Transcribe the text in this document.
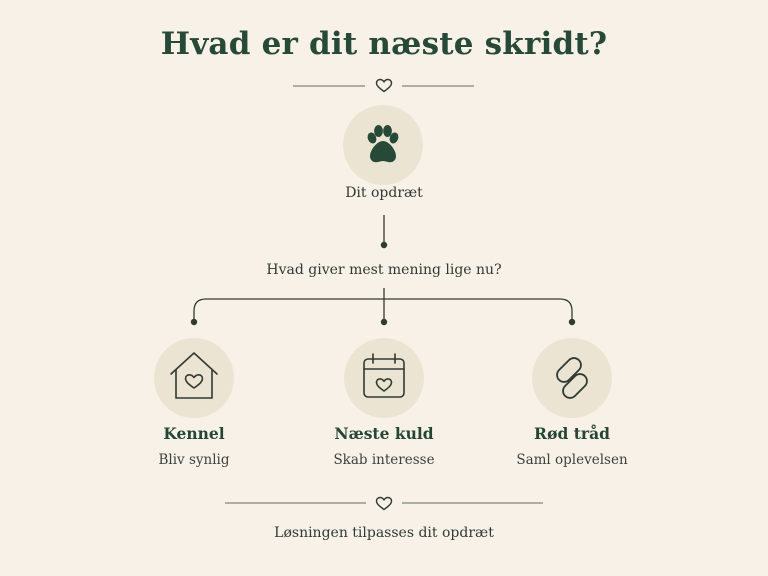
Hvad er dit næste skridt?
Dit opdræt
Hvad giver mest mening lige nu?
Kennel
Bliv synlig
Næste kuld
Skab interesse
Rød tråd
Saml oplevelsen
Løsningen tilpasses dit opdræt
